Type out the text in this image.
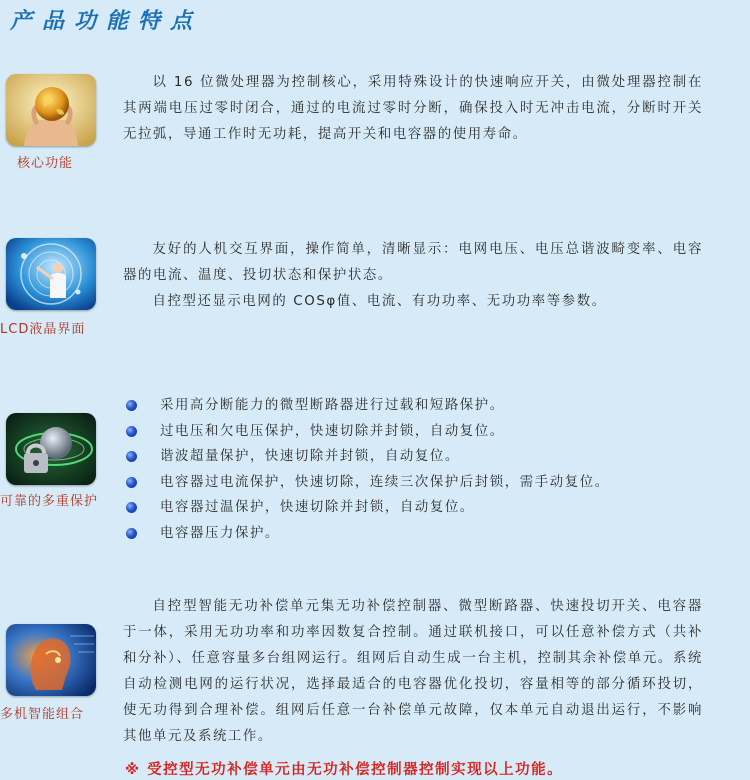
产品功能特点
核心功能

以 16 位微处理器为控制核心，采用特殊设计的快速响应开关，由微处理器控制在其两端电压过零时闭合，通过的电流过零时分断，确保投入时无冲击电流，分断时开关无拉弧，导通工作时无功耗，提高开关和电容器的使用寿命。

LCD液晶界面

友好的人机交互界面，操作简单，清晰显示：电网电压、电压总谐波畸变率、电容器的电流、温度、投切状态和保护状态。

自控型还显示电网的 COSφ值、电流、有功功率、无功功率等参数。

可靠的多重保护
采用高分断能力的微型断路器进行过载和短路保护。
过电压和欠电压保护，快速切除并封锁，自动复位。
谐波超量保护，快速切除并封锁，自动复位。
电容器过电流保护，快速切除，连续三次保护后封锁，需手动复位。
电容器过温保护，快速切除并封锁，自动复位。
电容器压力保护。
多机智能组合

自控型智能无功补偿单元集无功补偿控制器、微型断路器、快速投切开关、电容器于一体，采用无功功率和功率因数复合控制。通过联机接口，可以任意补偿方式（共补和分补）、任意容量多台组网运行。组网后自动生成一台主机，控制其余补偿单元。系统自动检测电网的运行状况，选择最适合的电容器优化投切，容量相等的部分循环投切，使无功得到合理补偿。组网后任意一台补偿单元故障，仅本单元自动退出运行，不影响其他单元及系统工作。

※ 受控型无功补偿单元由无功补偿控制器控制实现以上功能。
